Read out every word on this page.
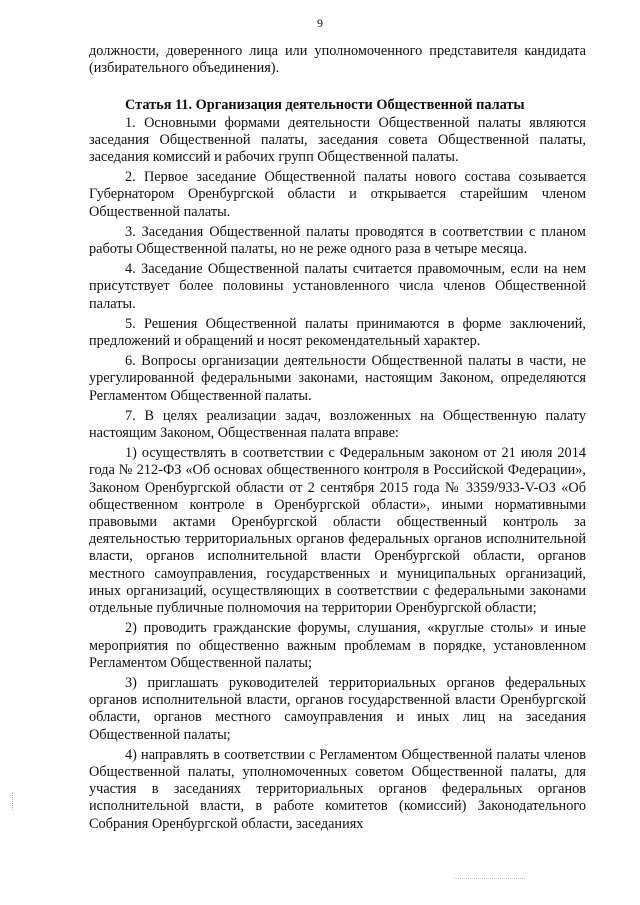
9

должности, доверенного лица или уполномоченного представителя кандидата (избирательного объединения).

Статья 11. Организация деятельности Общественной палаты

1. Основными формами деятельности Общественной палаты являются заседания Общественной палаты, заседания совета Общественной палаты, заседания комиссий и рабочих групп Общественной палаты.

2. Первое заседание Общественной палаты нового состава созывается Губернатором Оренбургской области и открывается старейшим членом Общественной палаты.

3. Заседания Общественной палаты проводятся в соответствии с планом работы Общественной палаты, но не реже одного раза в четыре месяца.

4. Заседание Общественной палаты считается правомочным, если на нем присутствует более половины установленного числа членов Общественной палаты.

5. Решения Общественной палаты принимаются в форме заключений, предложений и обращений и носят рекомендательный характер.

6. Вопросы организации деятельности Общественной палаты в части, не урегулированной федеральными законами, настоящим Законом, определяются Регламентом Общественной палаты.

7. В целях реализации задач, возложенных на Общественную палату настоящим Законом, Общественная палата вправе:

1) осуществлять в соответствии с Федеральным законом от 21 июля 2014 года № 212-ФЗ «Об основах общественного контроля в Российской Федерации», Законом Оренбургской области от 2 сентября 2015 года № 3359/933-V-ОЗ «Об общественном контроле в Оренбургской области», иными нормативными правовыми актами Оренбургской области общественный контроль за деятельностью территориальных органов федеральных органов исполнительной власти, органов исполнительной власти Оренбургской области, органов местного самоуправления, государственных и муниципальных организаций, иных организаций, осуществляющих в соответствии с федеральными законами отдельные публичные полномочия на территории Оренбургской области;

2) проводить гражданские форумы, слушания, «круглые столы» и иные мероприятия по общественно важным проблемам в порядке, установленном Регламентом Общественной палаты;

3) приглашать руководителей территориальных органов федеральных органов исполнительной власти, органов государственной власти Оренбургской области, органов местного самоуправления и иных лиц на заседания Общественной палаты;

4) направлять в соответствии с Регламентом Общественной палаты членов Общественной палаты, уполномоченных советом Общественной палаты, для участия в заседаниях территориальных органов федеральных органов исполнительной власти, в работе комитетов (комиссий) Законодательного Собрания Оренбургской области, заседаниях
